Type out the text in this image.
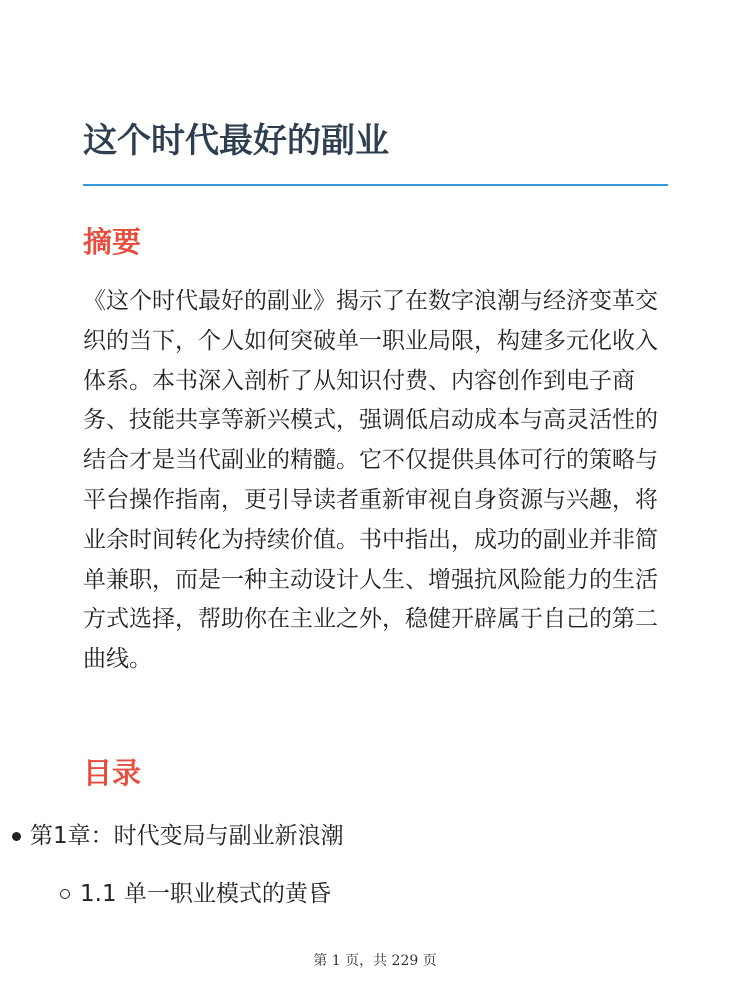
这个时代最好的副业
摘要

《这个时代最好的副业》揭示了在数字浪潮与经济变革交织的当下，个人如何突破单一职业局限，构建多元化收入体系。本书深入剖析了从知识付费、内容创作到电子商务、技能共享等新兴模式，强调低启动成本与高灵活性的结合才是当代副业的精髓。它不仅提供具体可行的策略与平台操作指南，更引导读者重新审视自身资源与兴趣，将业余时间转化为持续价值。书中指出，成功的副业并非简单兼职，而是一种主动设计人生、增强抗风险能力的生活方式选择，帮助你在主业之外，稳健开辟属于自己的第二曲线。

目录
第1章：时代变局与副业新浪潮
1.1 单一职业模式的黄昏
第 1 页，共 229 页
